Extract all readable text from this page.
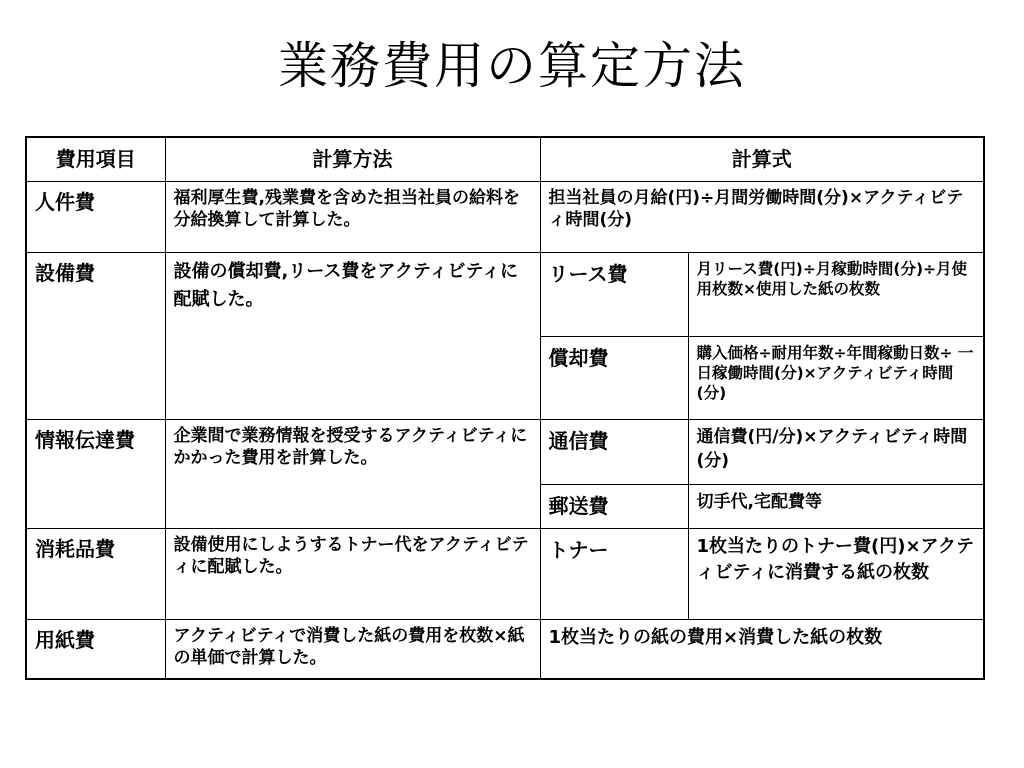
業務費用の算定方法
費用項目	計算方法	計算式	
人件費	福利厚生費,残業費を含めた担当社員の給料を分給換算して計算した。	担当社員の月給(円)÷月間労働時間(分)×アクティビティ時間(分)	
設備費	設備の償却費,リース費をアクティビティに配賦した。	リース費	月リース費(円)÷月稼動時間(分)÷月使用枚数×使用した紙の枚数
		償却費	購入価格÷耐用年数÷年間稼動日数÷ 一日稼働時間(分)×アクティビティ時間(分)
情報伝達費	企業間で業務情報を授受するアクティビティにかかった費用を計算した。	通信費	通信費(円/分)×アクティビティ時間(分)
		郵送費	切手代,宅配費等
消耗品費	設備使用にしようするトナー代をアクティビティに配賦した。	トナー	1枚当たりのトナー費(円)×アクティビティに消費する紙の枚数
用紙費	アクティビティで消費した紙の費用を枚数×紙の単価で計算した。	1枚当たりの紙の費用×消費した紙の枚数	
